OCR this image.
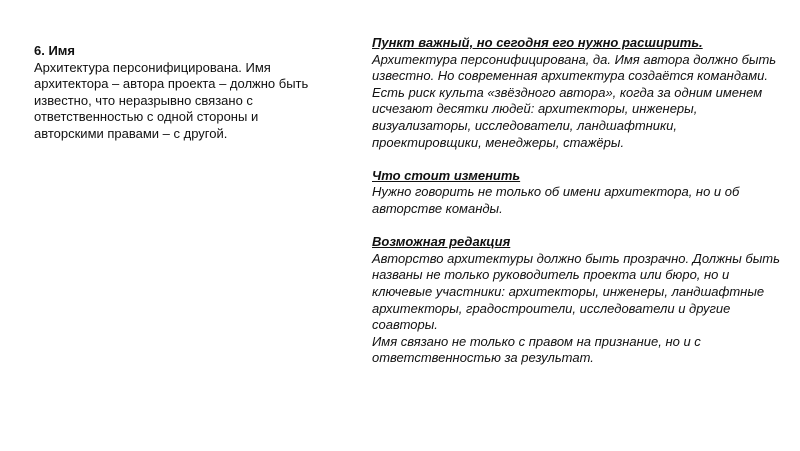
6. Имя
Архитектура персонифицирована. Имя
архитектора – автора проекта – должно быть
известно, что неразрывно связано с
ответственностью с одной стороны и
авторскими правами – с другой.
Пункт важный, но сегодня его нужно расширить.
Архитектура персонифицирована, да. Имя автора должно быть
известно. Но современная архитектура создаётся командами.
Есть риск культа «звёздного автора», когда за одним именем
исчезают десятки людей: архитекторы, инженеры,
визуализаторы, исследователи, ландшафтники,
проектировщики, менеджеры, стажёры.
Что стоит изменить
Нужно говорить не только об имени архитектора, но и об
авторстве команды.
Возможная редакция
Авторство архитектуры должно быть прозрачно. Должны быть
названы не только руководитель проекта или бюро, но и
ключевые участники: архитекторы, инженеры, ландшафтные
архитекторы, градостроители, исследователи и другие
соавторы.
Имя связано не только с правом на признание, но и с
ответственностью за результат.
